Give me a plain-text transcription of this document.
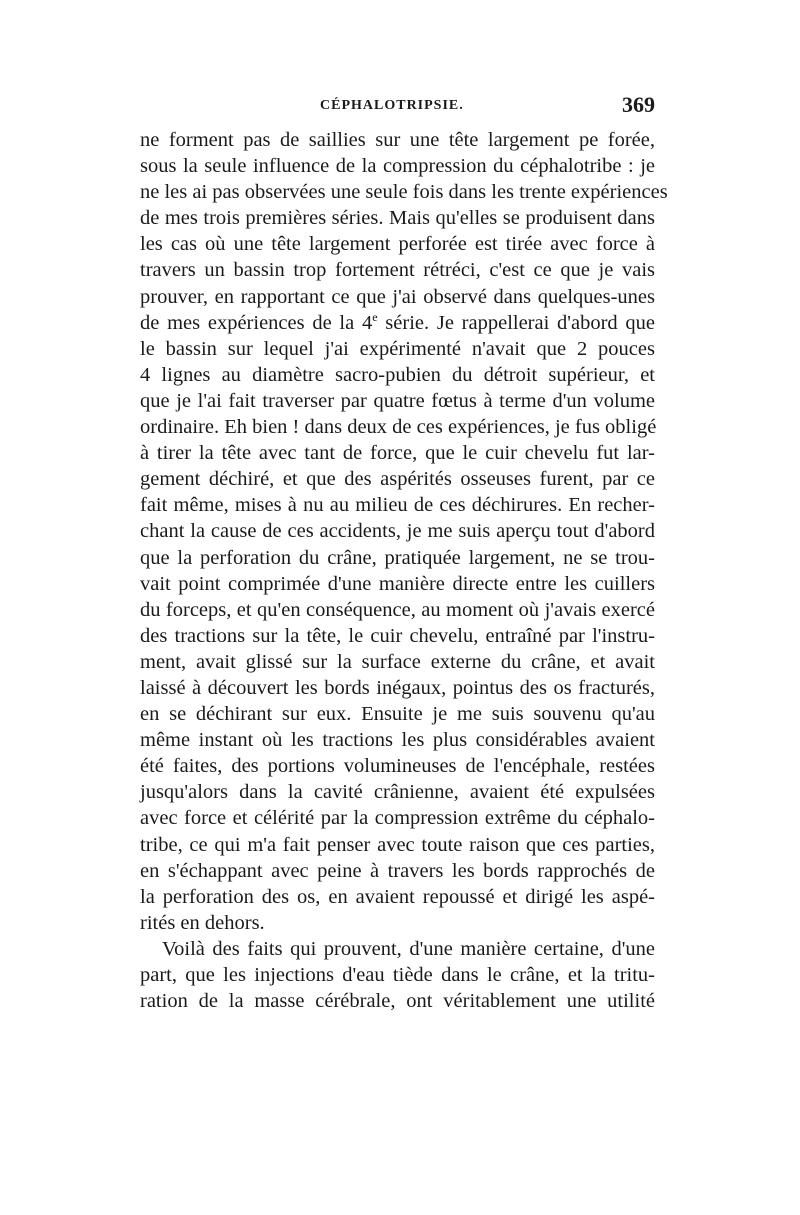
CÉPHALOTRIPSIE.	369
ne forment pas de saillies sur une tête largement pe forée,
sous la seule influence de la compression du céphalotribe : je
ne les ai pas observées une seule fois dans les trente expériences
de mes trois premières séries. Mais qu'elles se produisent dans
les cas où une tête largement perforée est tirée avec force à
travers un bassin trop fortement rétréci, c'est ce que je vais
prouver, en rapportant ce que j'ai observé dans quelques-unes
de mes expériences de la 4e série. Je rappellerai d'abord que
le bassin sur lequel j'ai expérimenté n'avait que 2 pouces
4 lignes au diamètre sacro-pubien du détroit supérieur, et
que je l'ai fait traverser par quatre fœtus à terme d'un volume
ordinaire. Eh bien ! dans deux de ces expériences, je fus obligé
à tirer la tête avec tant de force, que le cuir chevelu fut lar-
gement déchiré, et que des aspérités osseuses furent, par ce
fait même, mises à nu au milieu de ces déchirures. En recher-
chant la cause de ces accidents, je me suis aperçu tout d'abord
que la perforation du crâne, pratiquée largement, ne se trou-
vait point comprimée d'une manière directe entre les cuillers
du forceps, et qu'en conséquence, au moment où j'avais exercé
des tractions sur la tête, le cuir chevelu, entraîné par l'instru-
ment, avait glissé sur la surface externe du crâne, et avait
laissé à découvert les bords inégaux, pointus des os fracturés,
en se déchirant sur eux. Ensuite je me suis souvenu qu'au
même instant où les tractions les plus considérables avaient
été faites, des portions volumineuses de l'encéphale, restées
jusqu'alors dans la cavité crânienne, avaient été expulsées
avec force et célérité par la compression extrême du céphalo-
tribe, ce qui m'a fait penser avec toute raison que ces parties,
en s'échappant avec peine à travers les bords rapprochés de
la perforation des os, en avaient repoussé et dirigé les aspé-
rités en dehors.
Voilà des faits qui prouvent, d'une manière certaine, d'une
part, que les injections d'eau tiède dans le crâne, et la tritu-
ration de la masse cérébrale, ont véritablement une utilité
